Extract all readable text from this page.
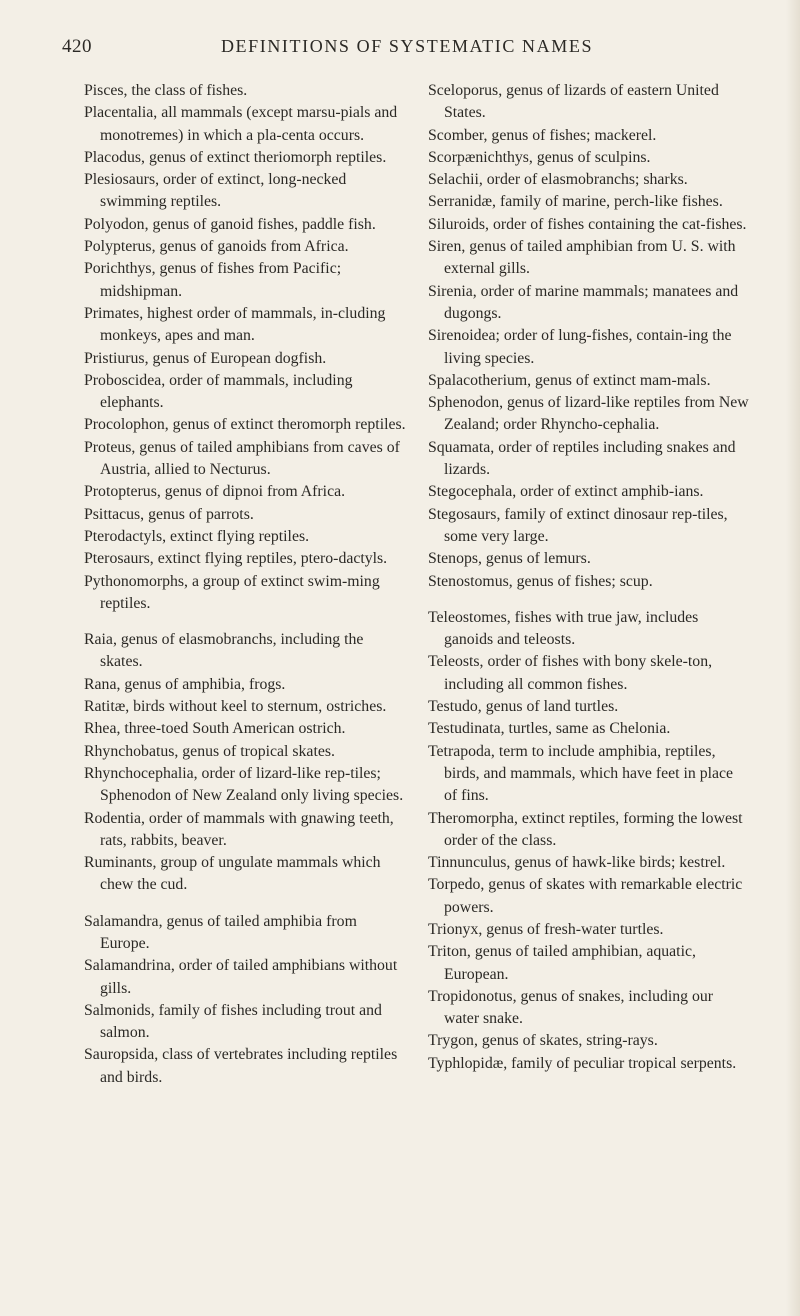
420	DEFINITIONS OF SYSTEMATIC NAMES

Pisces, the class of fishes.

Placentalia, all mammals (except marsu-pials and monotremes) in which a pla-centa occurs.

Placodus, genus of extinct theriomorph reptiles.

Plesiosaurs, order of extinct, long-necked swimming reptiles.

Polyodon, genus of ganoid fishes, paddle fish.

Polypterus, genus of ganoids from Africa.

Porichthys, genus of fishes from Pacific; midshipman.

Primates, highest order of mammals, in-cluding monkeys, apes and man.

Pristiurus, genus of European dogfish.

Proboscidea, order of mammals, including elephants.

Procolophon, genus of extinct theromorph reptiles.

Proteus, genus of tailed amphibians from caves of Austria, allied to Necturus.

Protopterus, genus of dipnoi from Africa.

Psittacus, genus of parrots.

Pterodactyls, extinct flying reptiles.

Pterosaurs, extinct flying reptiles, ptero-dactyls.

Pythonomorphs, a group of extinct swim-ming reptiles.

Raia, genus of elasmobranchs, including the skates.

Rana, genus of amphibia, frogs.

Ratitæ, birds without keel to sternum, ostriches.

Rhea, three-toed South American ostrich.

Rhynchobatus, genus of tropical skates.

Rhynchocephalia, order of lizard-like rep-tiles; Sphenodon of New Zealand only living species.

Rodentia, order of mammals with gnawing teeth, rats, rabbits, beaver.

Ruminants, group of ungulate mammals which chew the cud.

Salamandra, genus of tailed amphibia from Europe.

Salamandrina, order of tailed amphibians without gills.

Salmonids, family of fishes including trout and salmon.

Sauropsida, class of vertebrates including reptiles and birds.

Sceloporus, genus of lizards of eastern United States.

Scomber, genus of fishes; mackerel.

Scorpænichthys, genus of sculpins.

Selachii, order of elasmobranchs; sharks.

Serranidæ, family of marine, perch-like fishes.

Siluroids, order of fishes containing the cat-fishes.

Siren, genus of tailed amphibian from U. S. with external gills.

Sirenia, order of marine mammals; manatees and dugongs.

Sirenoidea; order of lung-fishes, contain-ing the living species.

Spalacotherium, genus of extinct mam-mals.

Sphenodon, genus of lizard-like reptiles from New Zealand; order Rhyncho-cephalia.

Squamata, order of reptiles including snakes and lizards.

Stegocephala, order of extinct amphib-ians.

Stegosaurs, family of extinct dinosaur rep-tiles, some very large.

Stenops, genus of lemurs.

Stenostomus, genus of fishes; scup.

Teleostomes, fishes with true jaw, includes ganoids and teleosts.

Teleosts, order of fishes with bony skele-ton, including all common fishes.

Testudo, genus of land turtles.

Testudinata, turtles, same as Chelonia.

Tetrapoda, term to include amphibia, reptiles, birds, and mammals, which have feet in place of fins.

Theromorpha, extinct reptiles, forming the lowest order of the class.

Tinnunculus, genus of hawk-like birds; kestrel.

Torpedo, genus of skates with remarkable electric powers.

Trionyx, genus of fresh-water turtles.

Triton, genus of tailed amphibian, aquatic, European.

Tropidonotus, genus of snakes, including our water snake.

Trygon, genus of skates, string-rays.

Typhlopidæ, family of peculiar tropical serpents.
